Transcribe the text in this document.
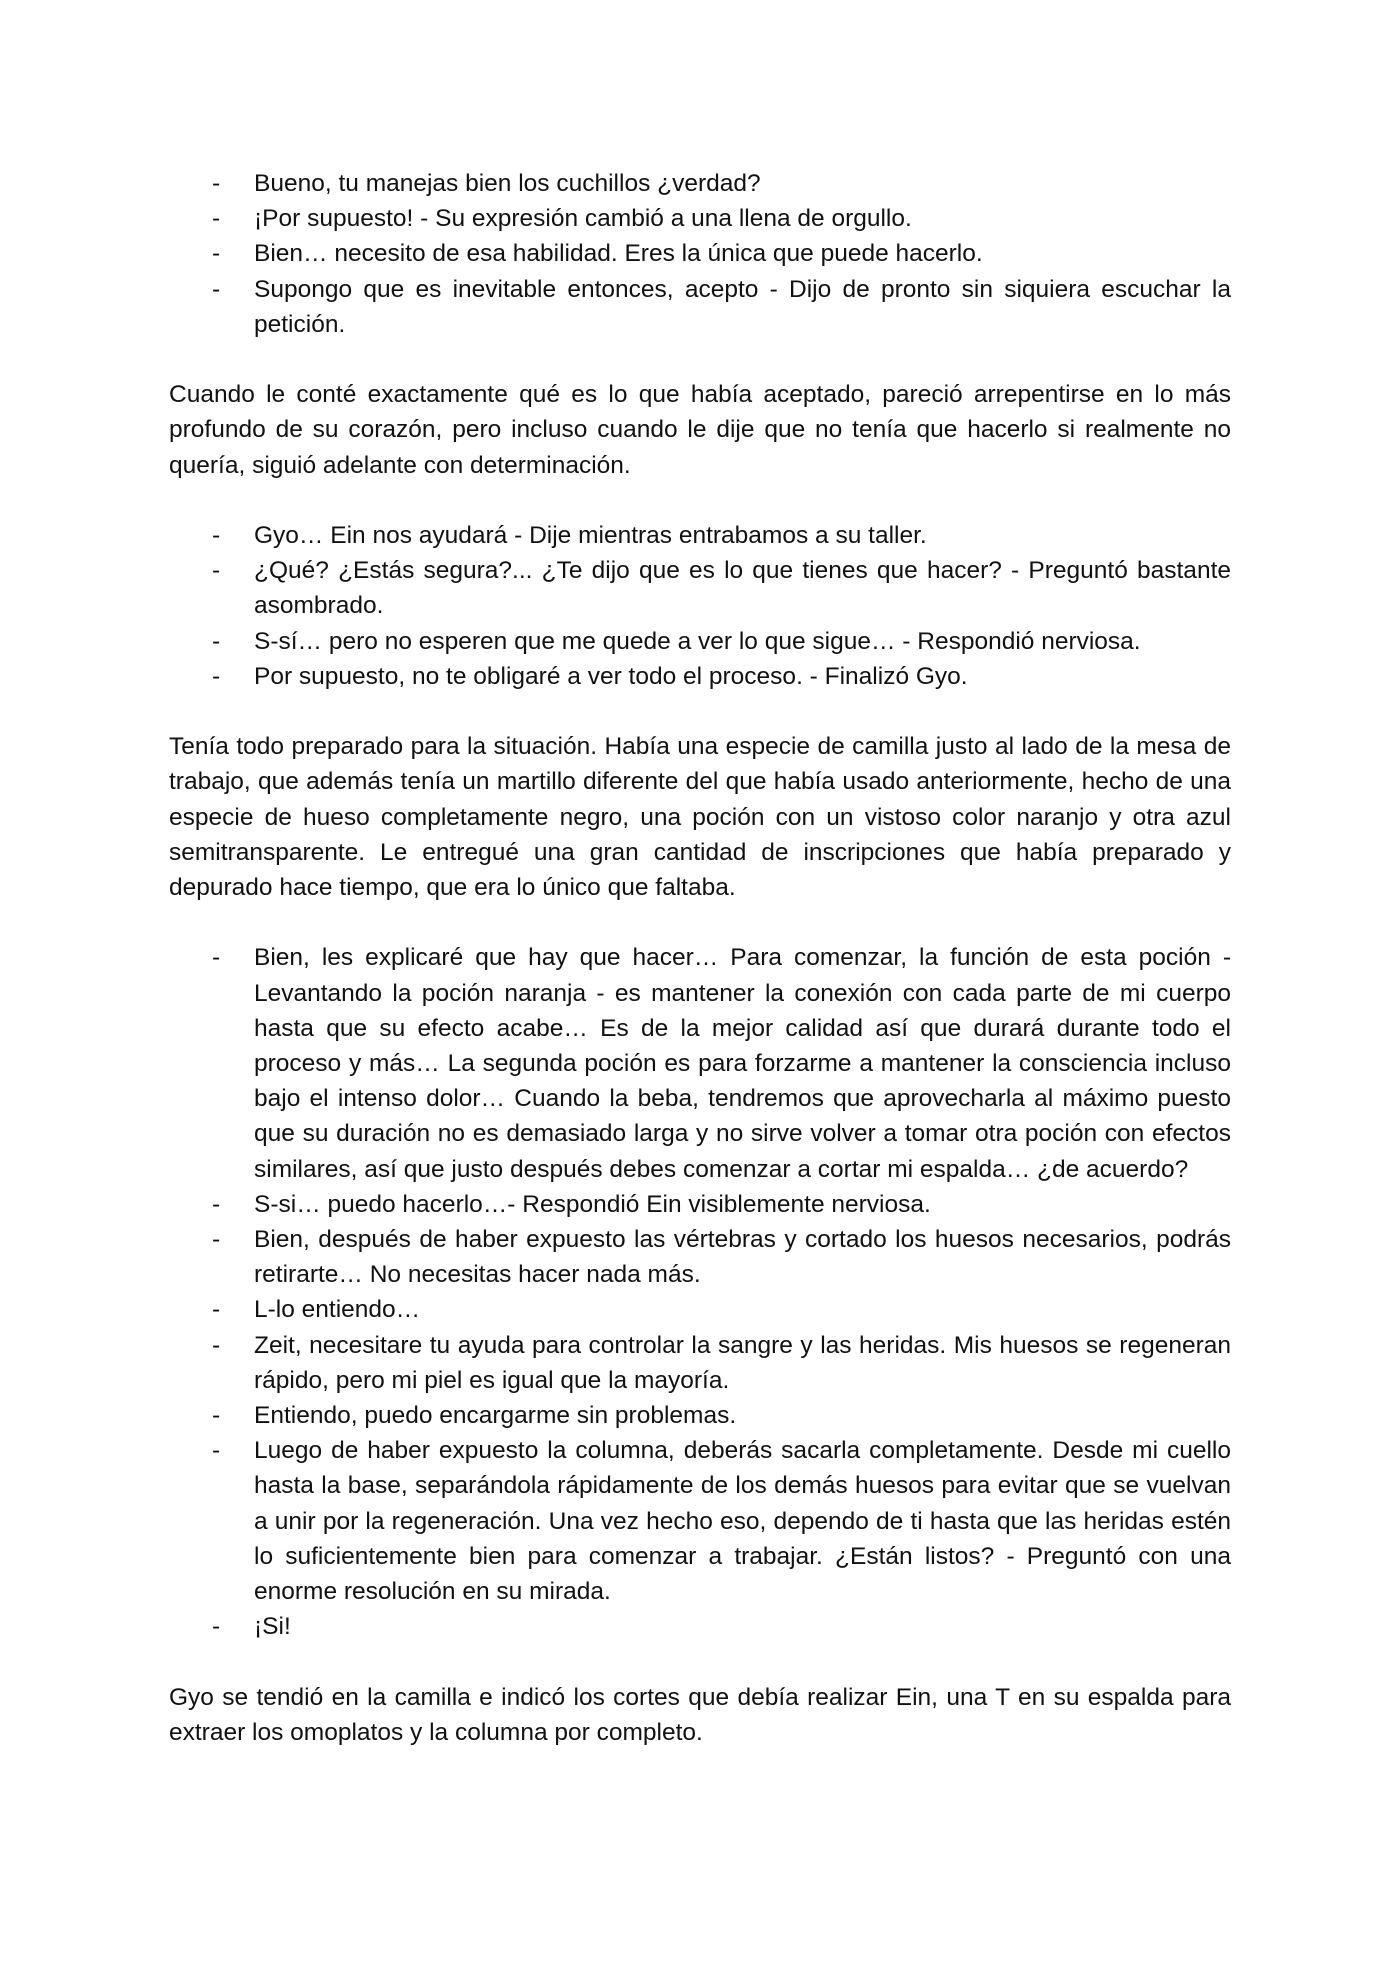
- Bueno, tu manejas bien los cuchillos ¿verdad?
- ¡Por supuesto! - Su expresión cambió a una llena de orgullo.
- Bien… necesito de esa habilidad. Eres la única que puede hacerlo.
- Supongo que es inevitable entonces, acepto - Dijo de pronto sin siquiera escuchar la petición.

Cuando le conté exactamente qué es lo que había aceptado, pareció arrepentirse en lo más profundo de su corazón, pero incluso cuando le dije que no tenía que hacerlo si realmente no quería, siguió adelante con determinación.

- Gyo… Ein nos ayudará - Dije mientras entrabamos a su taller.
- ¿Qué? ¿Estás segura?... ¿Te dijo que es lo que tienes que hacer? - Preguntó bastante asombrado.
- S-sí… pero no esperen que me quede a ver lo que sigue… - Respondió nerviosa.
- Por supuesto, no te obligaré a ver todo el proceso. - Finalizó Gyo.

Tenía todo preparado para la situación. Había una especie de camilla justo al lado de la mesa de trabajo, que además tenía un martillo diferente del que había usado anteriormente, hecho de una especie de hueso completamente negro, una poción con un vistoso color naranjo y otra azul semitransparente. Le entregué una gran cantidad de inscripciones que había preparado y depurado hace tiempo, que era lo único que faltaba.

- Bien, les explicaré que hay que hacer… Para comenzar, la función de esta poción - Levantando la poción naranja - es mantener la conexión con cada parte de mi cuerpo hasta que su efecto acabe… Es de la mejor calidad así que durará durante todo el proceso y más… La segunda poción es para forzarme a mantener la consciencia incluso bajo el intenso dolor… Cuando la beba, tendremos que aprovecharla al máximo puesto que su duración no es demasiado larga y no sirve volver a tomar otra poción con efectos similares, así que justo después debes comenzar a cortar mi espalda… ¿de acuerdo?
- S-si… puedo hacerlo…- Respondió Ein visiblemente nerviosa.
- Bien, después de haber expuesto las vértebras y cortado los huesos necesarios, podrás retirarte… No necesitas hacer nada más.
- L-lo entiendo…
- Zeit, necesitare tu ayuda para controlar la sangre y las heridas. Mis huesos se regeneran rápido, pero mi piel es igual que la mayoría.
- Entiendo, puedo encargarme sin problemas.
- Luego de haber expuesto la columna, deberás sacarla completamente. Desde mi cuello hasta la base, separándola rápidamente de los demás huesos para evitar que se vuelvan a unir por la regeneración. Una vez hecho eso, dependo de ti hasta que las heridas estén lo suficientemente bien para comenzar a trabajar. ¿Están listos? - Preguntó con una enorme resolución en su mirada.
- ¡Si!

Gyo se tendió en la camilla e indicó los cortes que debía realizar Ein, una T en su espalda para extraer los omoplatos y la columna por completo.
